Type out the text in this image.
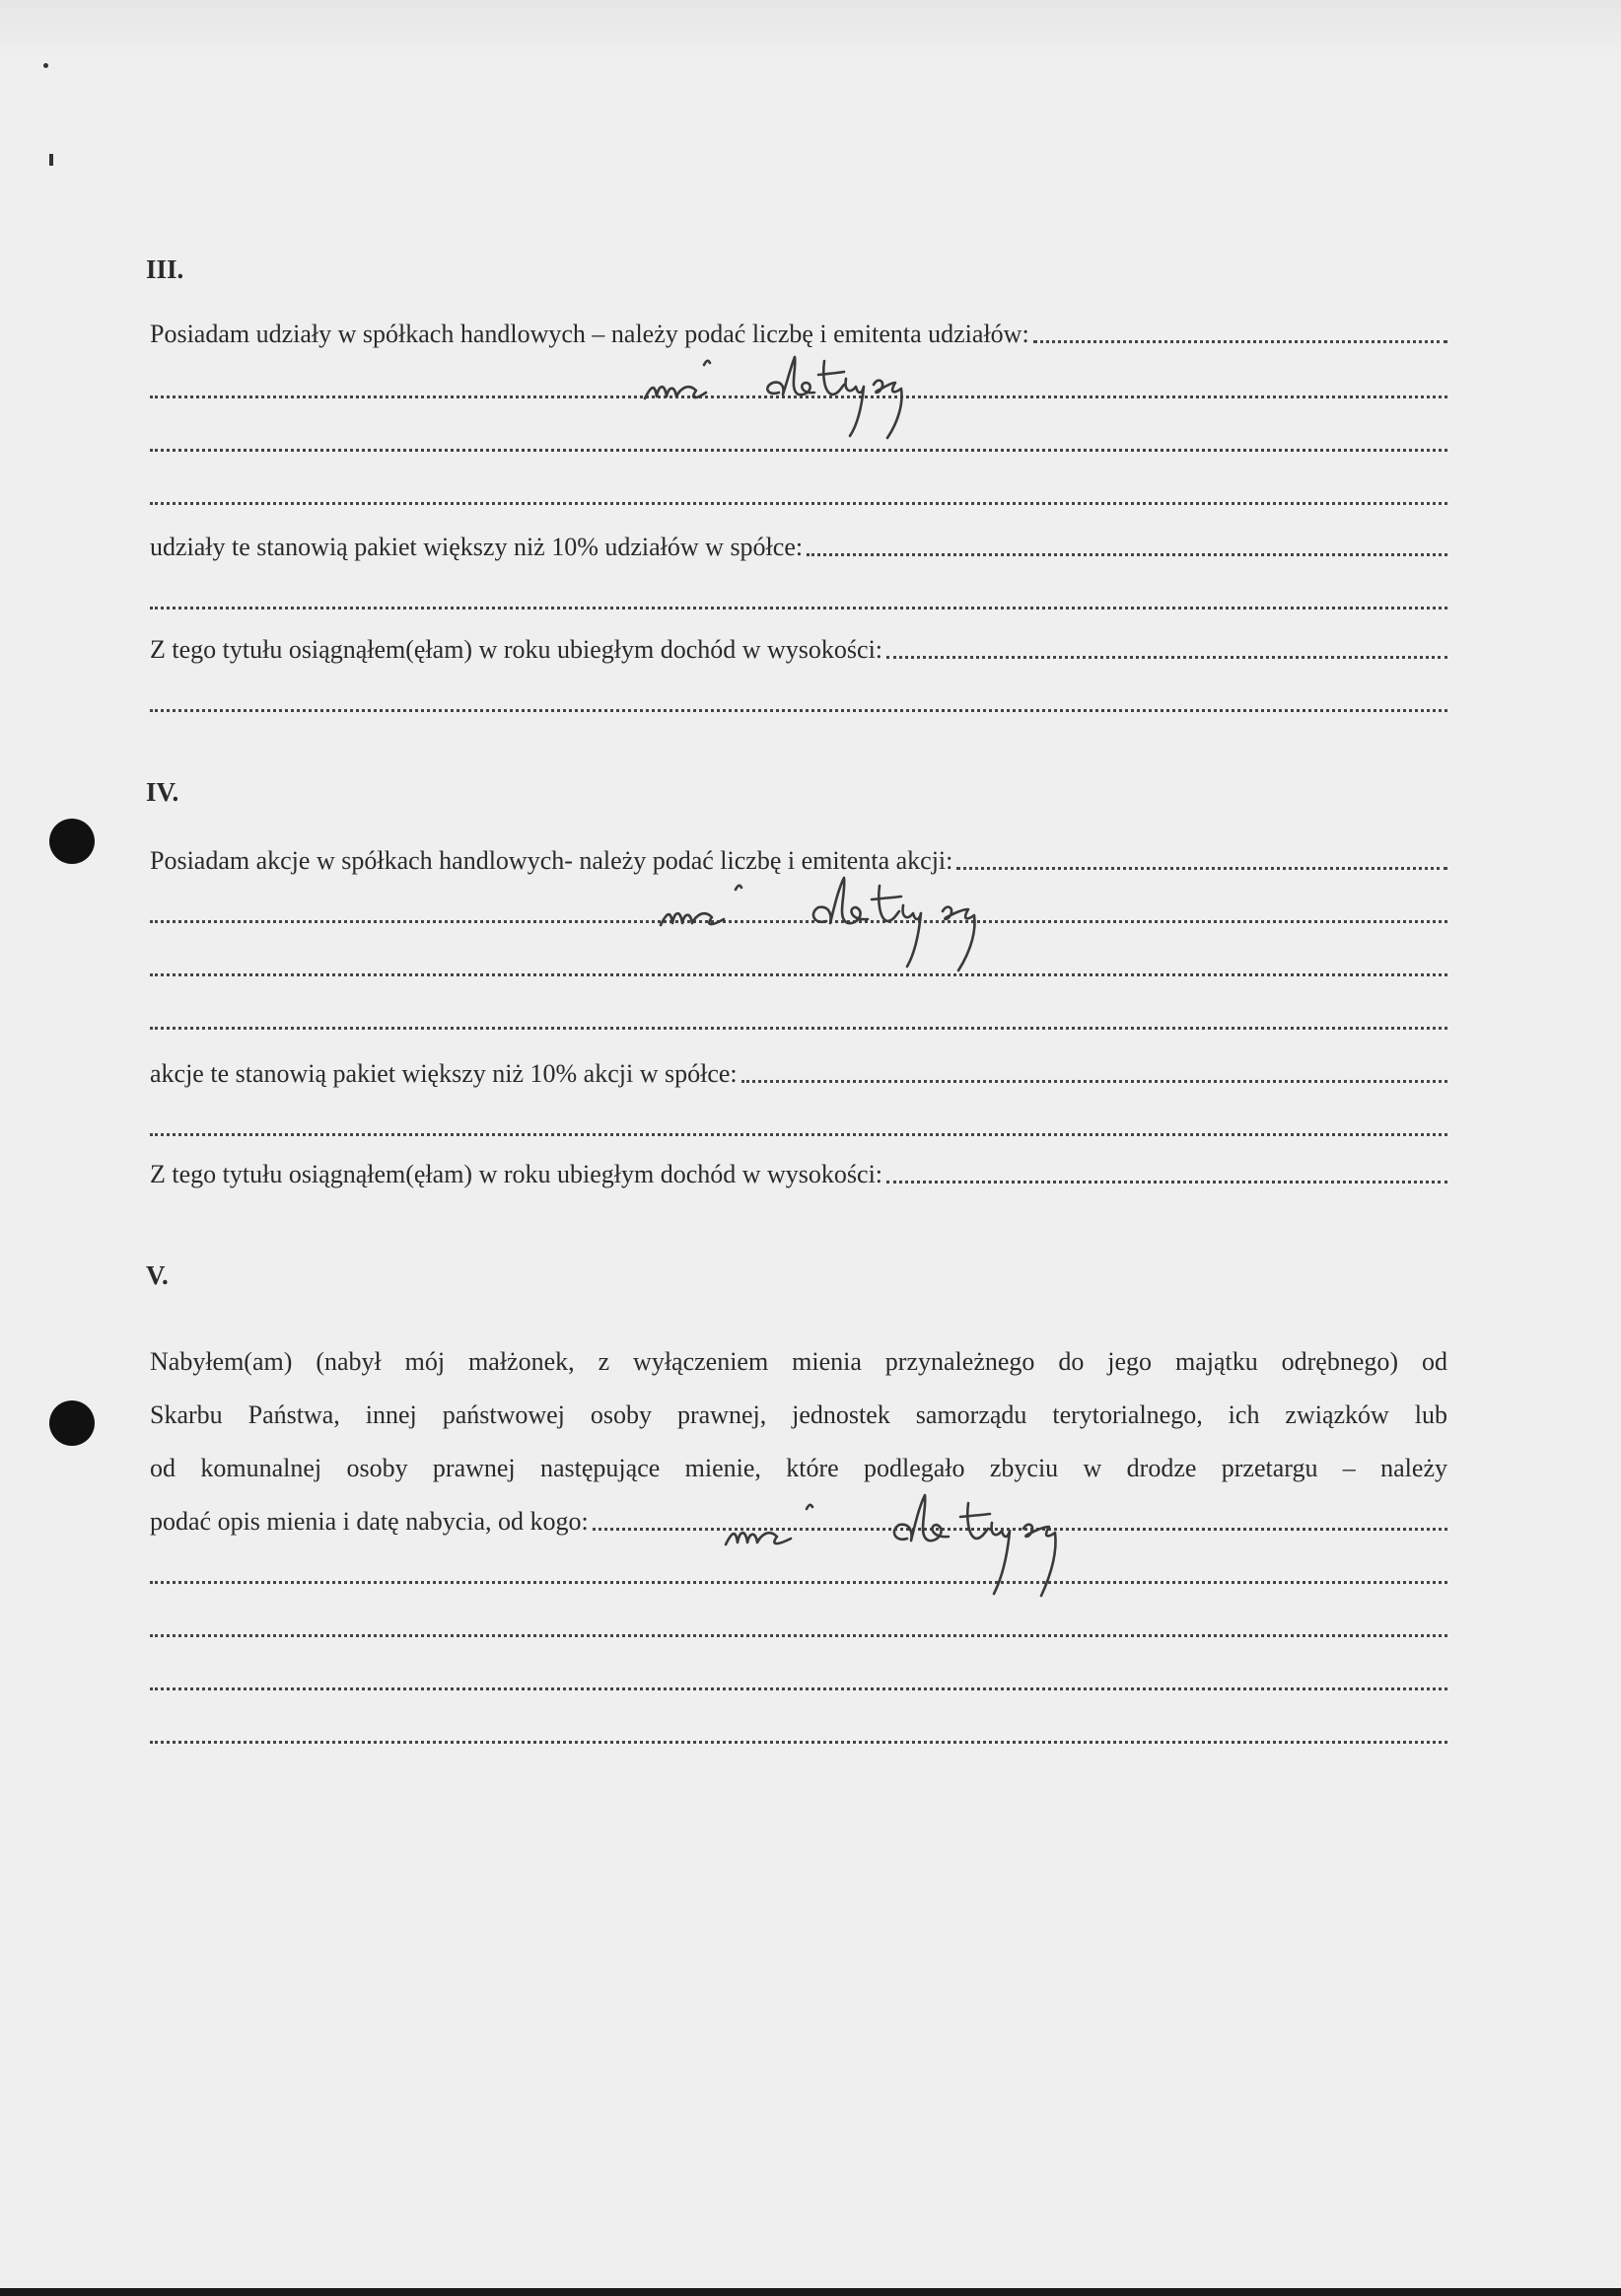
III.
Posiadam udziały w spółkach handlowych – należy podać liczbę i emitenta udziałów:
udziały te stanowią pakiet większy niż 10% udziałów w spółce:
Z tego tytułu osiągnąłem(ęłam) w roku ubiegłym dochód w wysokości:
IV.
Posiadam akcje w spółkach handlowych- należy podać liczbę i emitenta akcji:
akcje te stanowią pakiet większy niż 10% akcji w spółce:
Z tego tytułu osiągnąłem(ęłam) w roku ubiegłym dochód w wysokości:
V.
Nabyłem(am) (nabył mój małżonek, z wyłączeniem mienia przynależnego do jego majątku odrębnego) od
Skarbu Państwa, innej państwowej osoby prawnej, jednostek samorządu terytorialnego, ich związków lub
od komunalnej osoby prawnej następujące mienie, które podlegało zbyciu w drodze przetargu – należy
podać opis mienia i datę nabycia, od kogo:
